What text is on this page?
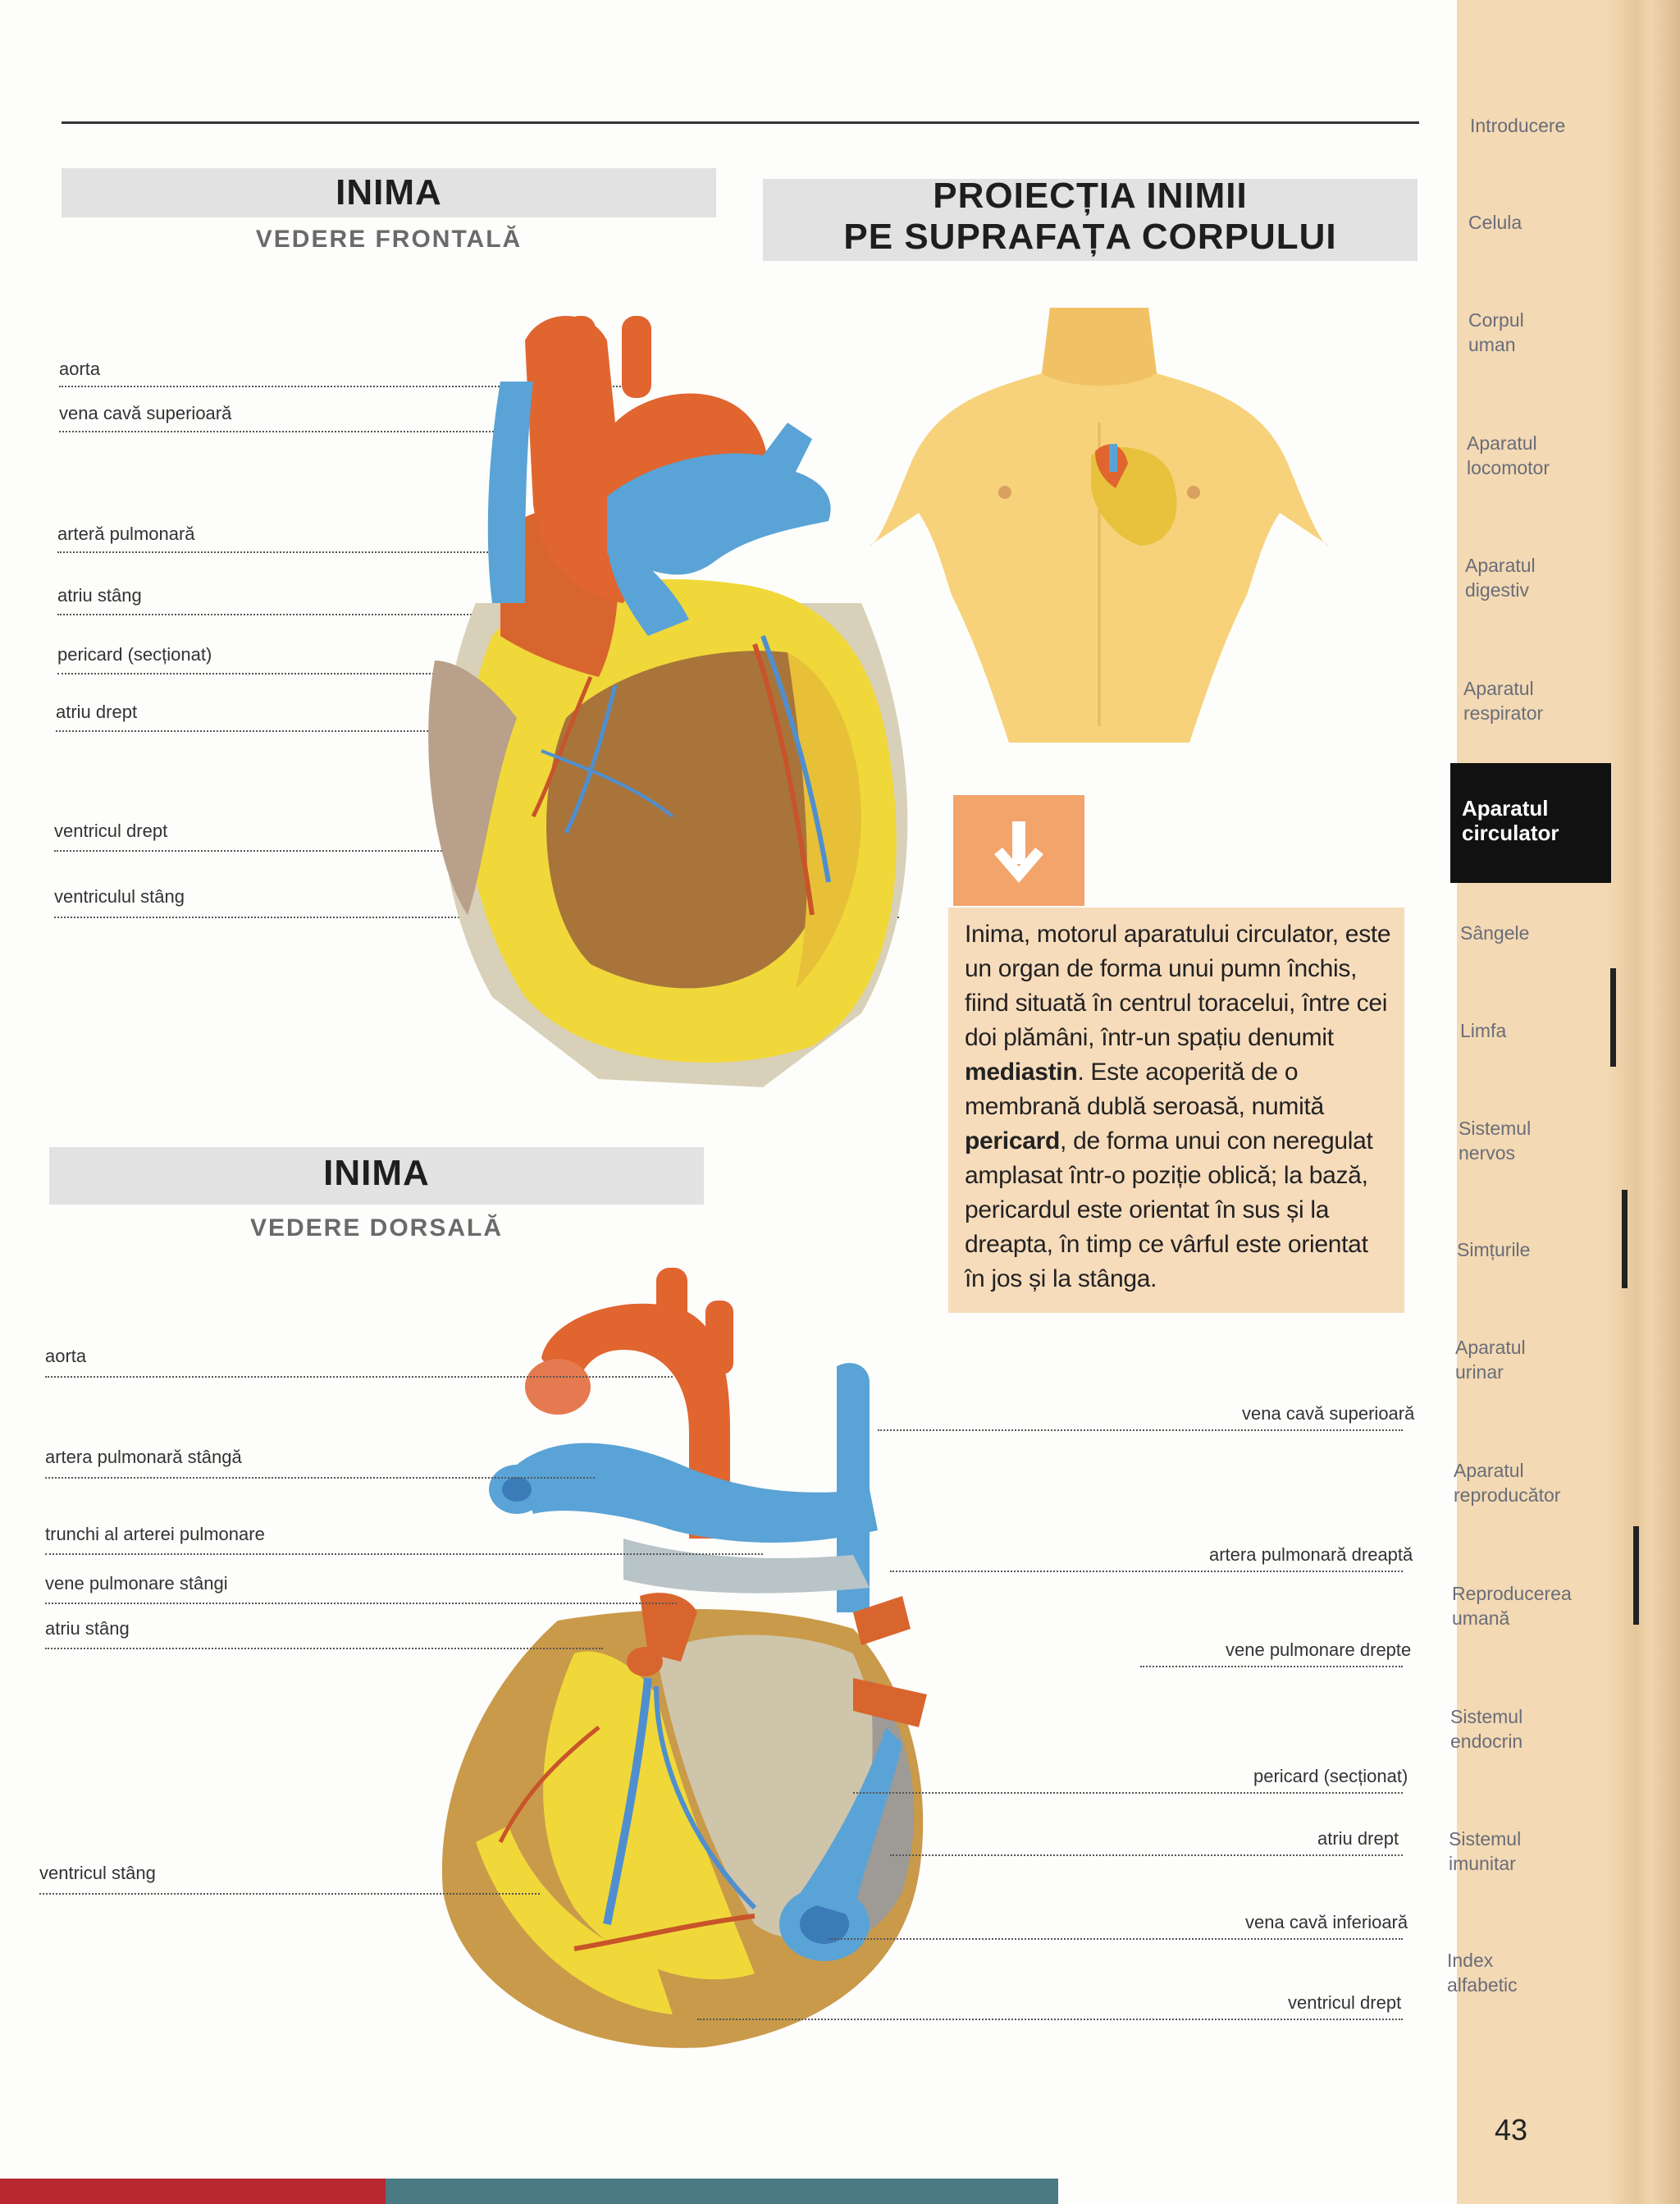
INIMA
VEDERE FRONTALĂ
PROIECȚIA INIMII
PE SUPRAFAȚA CORPULUI
aorta
vena cavă superioară
arteră pulmonară
atriu stâng
pericard (secționat)
atriu drept
ventricul drept
ventriculul stâng
Inima, motorul aparatului circulator, este un organ de forma unui pumn închis, fiind situată în centrul toracelui, între cei doi plămâni, într-un spațiu denumit mediastin. Este acoperită de o membrană dublă seroasă, numită pericard, de forma unui con neregulat amplasat într-o poziție oblică; la bază, pericardul este orientat în sus și la dreapta, în timp ce vârful este orientat în jos și la stânga.
INIMA
VEDERE DORSALĂ
aorta
artera pulmonară stângă
trunchi al arterei pulmonare
vene pulmonare stângi
atriu stâng
ventricul stâng
vena cavă superioară
artera pulmonară dreaptă
vene pulmonare drepte
pericard (secționat)
atriu drept
vena cavă inferioară
ventricul drept
Introducere
Celula
Corpul uman
Aparatul locomotor
Aparatul digestiv
Aparatul respirator
Aparatul circulator
Sângele
Limfa
Sistemul nervos
Simțurile
Aparatul urinar
Aparatul reproducător
Reproducerea umană
Sistemul endocrin
Sistemul imunitar
Index alfabetic
43
